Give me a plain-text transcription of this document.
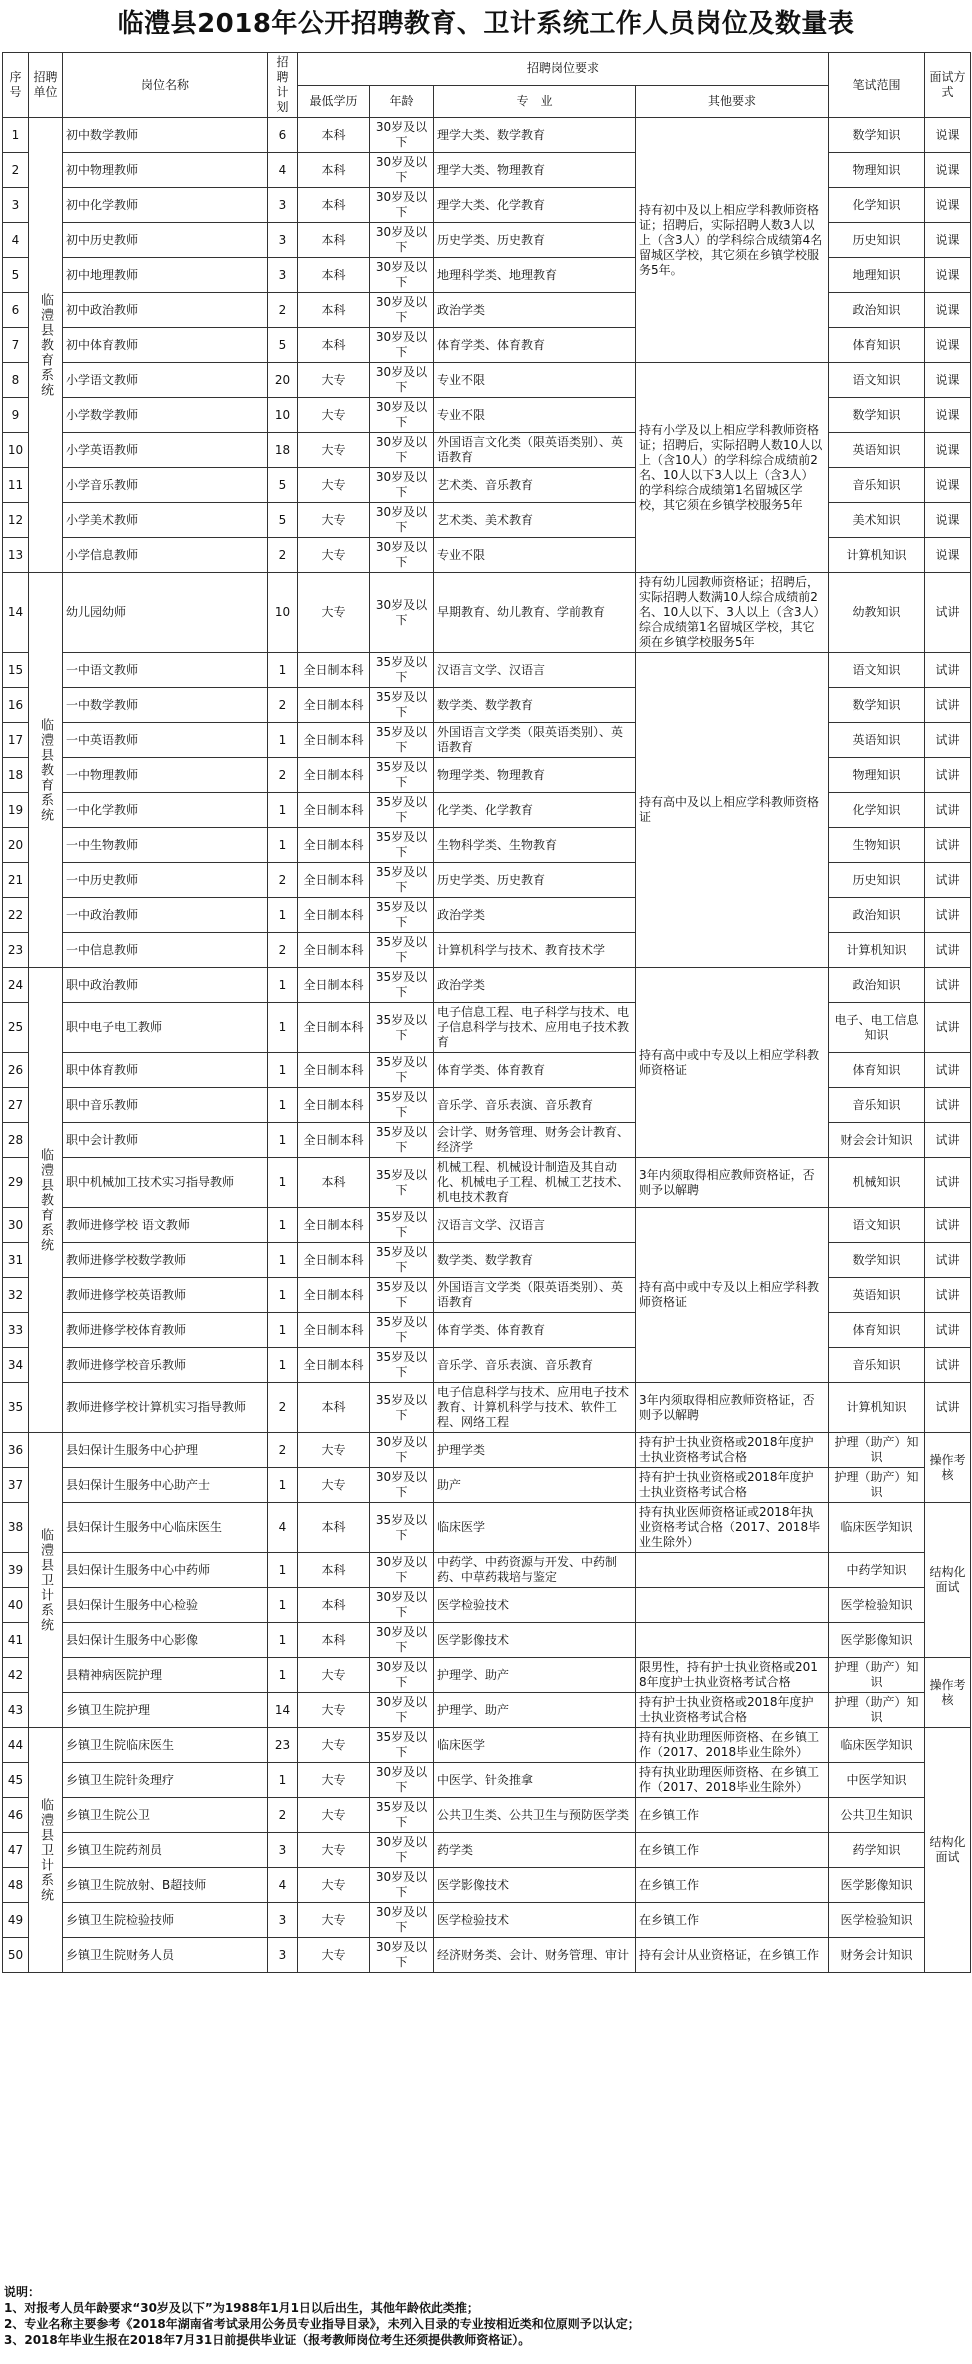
临澧县2018年公开招聘教育、卫计系统工作人员岗位及数量表
序号	招聘单位	岗位名称	招聘计划	招聘岗位要求				笔试范围	面试方式
				最低学历	年龄	专　业	其他要求		
1	临澧县教育系统	初中数学教师	6	本科	30岁及以下	理学大类、数学教育	持有初中及以上相应学科教师资格证；招聘后，实际招聘人数3人以上（含3人）的学科综合成绩第4名留城区学校，其它须在乡镇学校服务5年。	数学知识	说课
2		初中物理教师	4	本科	30岁及以下	理学大类、物理教育		物理知识	说课
3		初中化学教师	3	本科	30岁及以下	理学大类、化学教育		化学知识	说课
4		初中历史教师	3	本科	30岁及以下	历史学类、历史教育		历史知识	说课
5		初中地理教师	3	本科	30岁及以下	地理科学类、地理教育		地理知识	说课
6		初中政治教师	2	本科	30岁及以下	政治学类		政治知识	说课
7		初中体育教师	5	本科	30岁及以下	体育学类、体育教育		体育知识	说课
8		小学语文教师	20	大专	30岁及以下	专业不限	持有小学及以上相应学科教师资格证；招聘后，实际招聘人数10人以上（含10人）的学科综合成绩前2名、10人以下3人以上（含3人）的学科综合成绩第1名留城区学校，其它须在乡镇学校服务5年	语文知识	说课
9		小学数学教师	10	大专	30岁及以下	专业不限		数学知识	说课
10		小学英语教师	18	大专	30岁及以下	外国语言文化类（限英语类别）、英语教育		英语知识	说课
11		小学音乐教师	5	大专	30岁及以下	艺术类、音乐教育		音乐知识	说课
12		小学美术教师	5	大专	30岁及以下	艺术类、美术教育		美术知识	说课
13		小学信息教师	2	大专	30岁及以下	专业不限		计算机知识	说课
14	临澧县教育系统	幼儿园幼师	10	大专	30岁及以下	早期教育、幼儿教育、学前教育	持有幼儿园教师资格证；招聘后，实际招聘人数满10人综合成绩前2名、10人以下、3人以上（含3人）综合成绩第1名留城区学校，其它须在乡镇学校服务5年	幼教知识	试讲
15		一中语文教师	1	全日制本科	35岁及以下	汉语言文学、汉语言	持有高中及以上相应学科教师资格证	语文知识	试讲
16		一中数学教师	2	全日制本科	35岁及以下	数学类、数学教育		数学知识	试讲
17		一中英语教师	1	全日制本科	35岁及以下	外国语言文学类（限英语类别）、英语教育		英语知识	试讲
18		一中物理教师	2	全日制本科	35岁及以下	物理学类、物理教育		物理知识	试讲
19		一中化学教师	1	全日制本科	35岁及以下	化学类、化学教育		化学知识	试讲
20		一中生物教师	1	全日制本科	35岁及以下	生物科学类、生物教育		生物知识	试讲
21		一中历史教师	2	全日制本科	35岁及以下	历史学类、历史教育		历史知识	试讲
22		一中政治教师	1	全日制本科	35岁及以下	政治学类		政治知识	试讲
23		一中信息教师	2	全日制本科	35岁及以下	计算机科学与技术、教育技术学		计算机知识	试讲
24	临澧县教育系统	职中政治教师	1	全日制本科	35岁及以下	政治学类	持有高中或中专及以上相应学科教师资格证	政治知识	试讲
25		职中电子电工教师	1	全日制本科	35岁及以下	电子信息工程、电子科学与技术、电子信息科学与技术、应用电子技术教育		电子、电工信息知识	试讲
26		职中体育教师	1	全日制本科	35岁及以下	体育学类、体育教育		体育知识	试讲
27		职中音乐教师	1	全日制本科	35岁及以下	音乐学、音乐表演、音乐教育		音乐知识	试讲
28		职中会计教师	1	全日制本科	35岁及以下	会计学、财务管理、财务会计教育、经济学		财会会计知识	试讲
29		职中机械加工技术实习指导教师	1	本科	35岁及以下	机械工程、机械设计制造及其自动化、机械电子工程、机械工艺技术、机电技术教育	3年内须取得相应教师资格证，否则予以解聘	机械知识	试讲
30		教师进修学校 语文教师	1	全日制本科	35岁及以下	汉语言文学、汉语言	持有高中或中专及以上相应学科教师资格证	语文知识	试讲
31		教师进修学校数学教师	1	全日制本科	35岁及以下	数学类、数学教育		数学知识	试讲
32		教师进修学校英语教师	1	全日制本科	35岁及以下	外国语言文学类（限英语类别）、英语教育		英语知识	试讲
33		教师进修学校体育教师	1	全日制本科	35岁及以下	体育学类、体育教育		体育知识	试讲
34		教师进修学校音乐教师	1	全日制本科	35岁及以下	音乐学、音乐表演、音乐教育		音乐知识	试讲
35		教师进修学校计算机实习指导教师	2	本科	35岁及以下	电子信息科学与技术、应用电子技术教育、计算机科学与技术、软件工程、网络工程	3年内须取得相应教师资格证，否则予以解聘	计算机知识	试讲
36	临澧县卫计系统	县妇保计生服务中心护理	2	大专	30岁及以下	护理学类	持有护士执业资格或2018年度护士执业资格考试合格	护理（助产）知识	操作考核
37		县妇保计生服务中心助产士	1	大专	30岁及以下	助产	持有护士执业资格或2018年度护士执业资格考试合格	护理（助产）知识	
38		县妇保计生服务中心临床医生	4	本科	35岁及以下	临床医学	持有执业医师资格证或2018年执业资格考试合格（2017、2018毕业生除外）	临床医学知识	结构化面试
39		县妇保计生服务中心中药师	1	本科	30岁及以下	中药学、中药资源与开发、中药制药、中草药栽培与鉴定		中药学知识	
40		县妇保计生服务中心检验	1	本科	30岁及以下	医学检验技术		医学检验知识	
41		县妇保计生服务中心影像	1	本科	30岁及以下	医学影像技术		医学影像知识	
42		县精神病医院护理	1	大专	30岁及以下	护理学、助产	限男性，持有护士执业资格或2018年度护士执业资格考试合格	护理（助产）知识	操作考核
43		乡镇卫生院护理	14	大专	30岁及以下	护理学、助产	持有护士执业资格或2018年度护士执业资格考试合格	护理（助产）知识	
44	临澧县卫计系统	乡镇卫生院临床医生	23	大专	35岁及以下	临床医学	持有执业助理医师资格、在乡镇工作（2017、2018毕业生除外）	临床医学知识	结构化面试
45		乡镇卫生院针灸理疗	1	大专	30岁及以下	中医学、针灸推拿	持有执业助理医师资格、在乡镇工作（2017、2018毕业生除外）	中医学知识	
46		乡镇卫生院公卫	2	大专	35岁及以下	公共卫生类、公共卫生与预防医学类	在乡镇工作	公共卫生知识	
47		乡镇卫生院药剂员	3	大专	30岁及以下	药学类	在乡镇工作	药学知识	
48		乡镇卫生院放射、B超技师	4	大专	30岁及以下	医学影像技术	在乡镇工作	医学影像知识	
49		乡镇卫生院检验技师	3	大专	30岁及以下	医学检验技术	在乡镇工作	医学检验知识	
50		乡镇卫生院财务人员	3	大专	30岁及以下	经济财务类、会计、财务管理、审计	持有会计从业资格证，在乡镇工作	财务会计知识	
说明：
1、对报考人员年龄要求“30岁及以下”为1988年1月1日以后出生，其他年龄依此类推；
2、专业名称主要参考《2018年湖南省考试录用公务员专业指导目录》，未列入目录的专业按相近类和位原则予以认定；
3、2018年毕业生报在2018年7月31日前提供毕业证（报考教师岗位考生还须提供教师资格证）。
